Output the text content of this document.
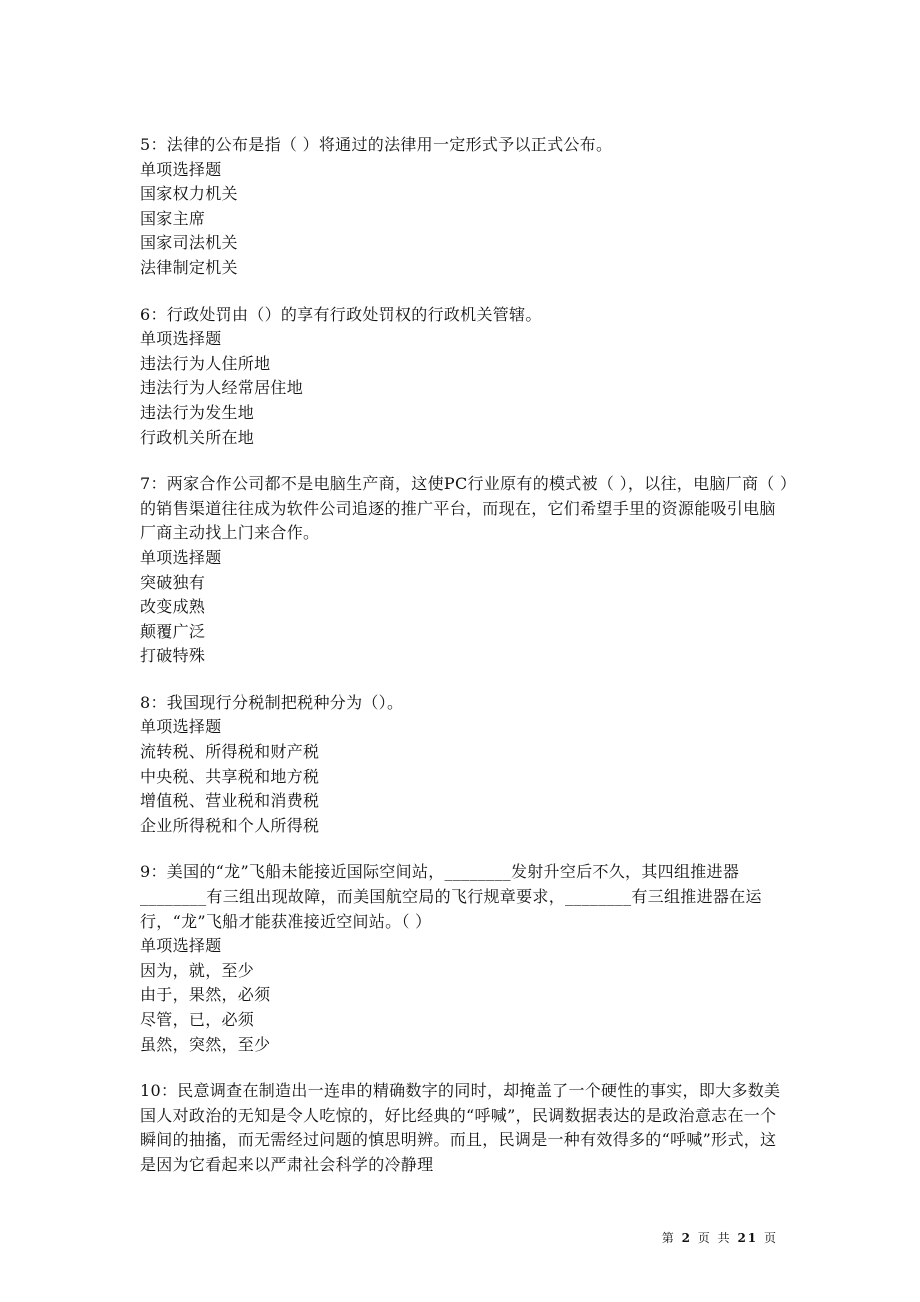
5：法律的公布是指（ ）将通过的法律用一定形式予以正式公布。

单项选择题

国家权力机关

国家主席

国家司法机关

法律制定机关

6：行政处罚由（）的享有行政处罚权的行政机关管辖。

单项选择题

违法行为人住所地

违法行为人经常居住地

违法行为发生地

行政机关所在地

7：两家合作公司都不是电脑生产商，这使PC行业原有的模式被（ ），以往，电脑厂商（ ）的销售渠道往往成为软件公司追逐的推广平台，而现在，它们希望手里的资源能吸引电脑厂商主动找上门来合作。

单项选择题

突破独有

改变成熟

颠覆广泛

打破特殊

8：我国现行分税制把税种分为（）。

单项选择题

流转税、所得税和财产税

中央税、共享税和地方税

增值税、营业税和消费税

企业所得税和个人所得税

9：美国的“龙”飞船未能接近国际空间站，________发射升空后不久，其四组推进器________有三组出现故障，而美国航空局的飞行规章要求，________有三组推进器在运行，“龙”飞船才能获准接近空间站。（ ）

单项选择题

因为，就，至少

由于，果然，必须

尽管，已，必须

虽然，突然，至少

10：民意调查在制造出一连串的精确数字的同时，却掩盖了一个硬性的事实，即大多数美国人对政治的无知是令人吃惊的，好比经典的“呼喊”，民调数据表达的是政治意志在一个瞬间的抽搐，而无需经过问题的慎思明辨。而且，民调是一种有效得多的“呼喊”形式，这是因为它看起来以严肃社会科学的冷静理

第 2 页 共 21 页
